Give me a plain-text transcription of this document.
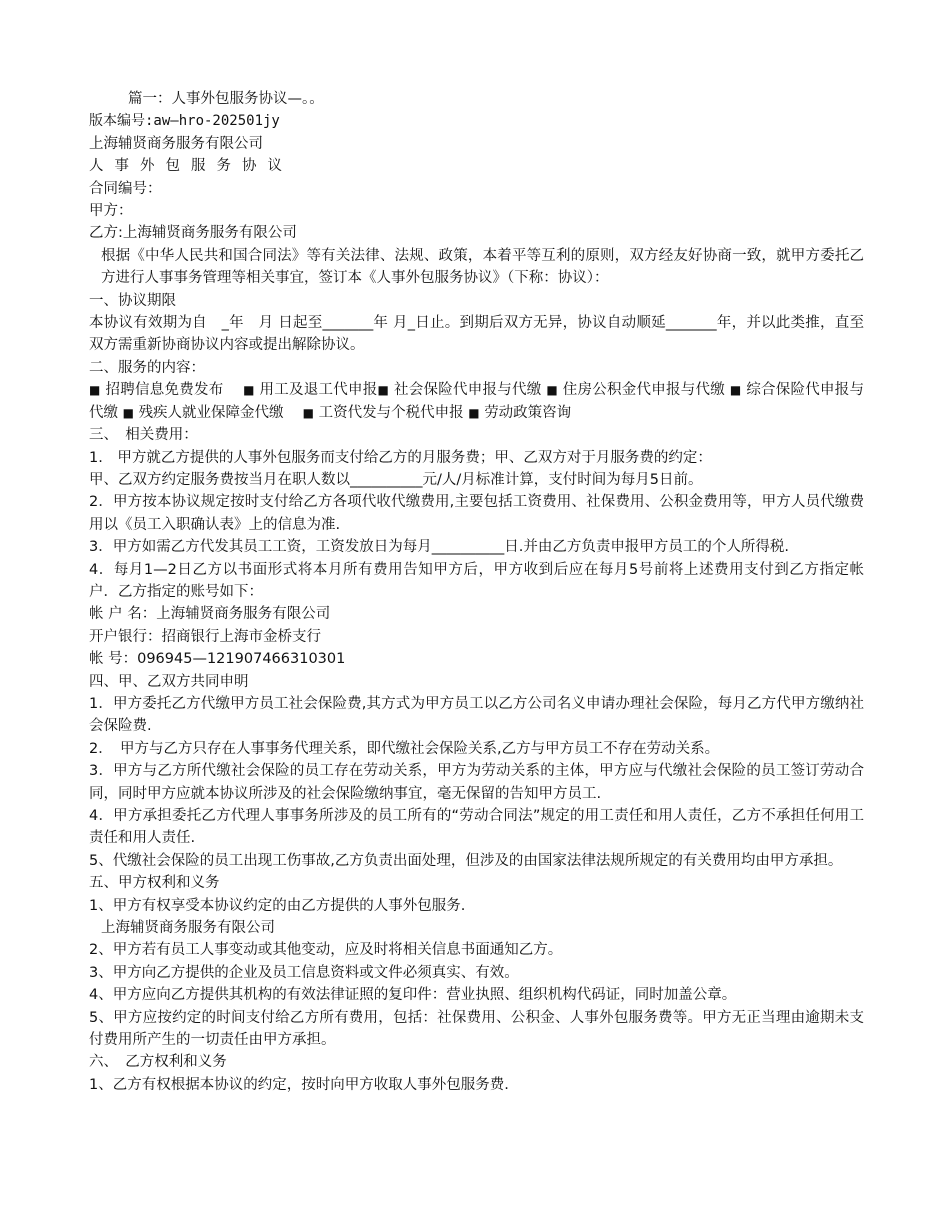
篇一：人事外包服务协议—。。

版本编号:aw—hro-202501jy

上海辅贤商务服务有限公司

人事外包服务协议

合同编号：

甲方：

乙方:上海辅贤商务服务有限公司

根据《中华人民共和国合同法》等有关法律、法规、政策，本着平等互利的原则，双方经友好协商一致，就甲方委托乙方进行人事事务管理等相关事宜，签订本《人事外包服务协议》（下称：协议）：

一、协议期限

本协议有效期为自　_年　月 日起至_______年 月_日止。到期后双方无异，协议自动顺延_______年，并以此类推，直至双方需重新协商协议内容或提出解除协议。

二、服务的内容：

■ 招聘信息免费发布　 ■ 用工及退工代申报■ 社会保险代申报与代缴 ■ 住房公积金代申报与代缴 ■ 综合保险代申报与代缴 ■ 残疾人就业保障金代缴　 ■ 工资代发与个税代申报 ■ 劳动政策咨询

三、　相关费用：

1.　甲方就乙方提供的人事外包服务而支付给乙方的月服务费；甲、乙双方对于月服务费的约定：

甲、乙双方约定服务费按当月在职人数以__________元/人/月标准计算，支付时间为每月5日前。

2．甲方按本协议规定按时支付给乙方各项代收代缴费用,主要包括工资费用、社保费用、公积金费用等，甲方人员代缴费用以《员工入职确认表》上的信息为准.

3．甲方如需乙方代发其员工工资，工资发放日为每月__________日.并由乙方负责申报甲方员工的个人所得税.

4．每月1—2日乙方以书面形式将本月所有费用告知甲方后，甲方收到后应在每月5号前将上述费用支付到乙方指定帐户．乙方指定的账号如下：

帐 户 名：上海辅贤商务服务有限公司

开户银行：招商银行上海市金桥支行

帐 号：096945—121907466310301

四、甲、乙双方共同申明

1．甲方委托乙方代缴甲方员工社会保险费,其方式为甲方员工以乙方公司名义申请办理社会保险，每月乙方代甲方缴纳社会保险费.

2．　甲方与乙方只存在人事事务代理关系，即代缴社会保险关系,乙方与甲方员工不存在劳动关系。

3．甲方与乙方所代缴社会保险的员工存在劳动关系，甲方为劳动关系的主体，甲方应与代缴社会保险的员工签订劳动合同，同时甲方应就本协议所涉及的社会保险缴纳事宜，毫无保留的告知甲方员工.

4．甲方承担委托乙方代理人事事务所涉及的员工所有的“劳动合同法”规定的用工责任和用人责任，乙方不承担任何用工责任和用人责任.

5、代缴社会保险的员工出现工伤事故,乙方负责出面处理，但涉及的由国家法律法规所规定的有关费用均由甲方承担。

五、甲方权利和义务

1、甲方有权享受本协议约定的由乙方提供的人事外包服务.

上海辅贤商务服务有限公司

2、甲方若有员工人事变动或其他变动，应及时将相关信息书面通知乙方。

3、甲方向乙方提供的企业及员工信息资料或文件必须真实、有效。

4、甲方应向乙方提供其机构的有效法律证照的复印件：营业执照、组织机构代码证，同时加盖公章。

5、甲方应按约定的时间支付给乙方所有费用，包括：社保费用、公积金、人事外包服务费等。甲方无正当理由逾期未支付费用所产生的一切责任由甲方承担。

六、　乙方权利和义务

1、乙方有权根据本协议的约定，按时向甲方收取人事外包服务费.
